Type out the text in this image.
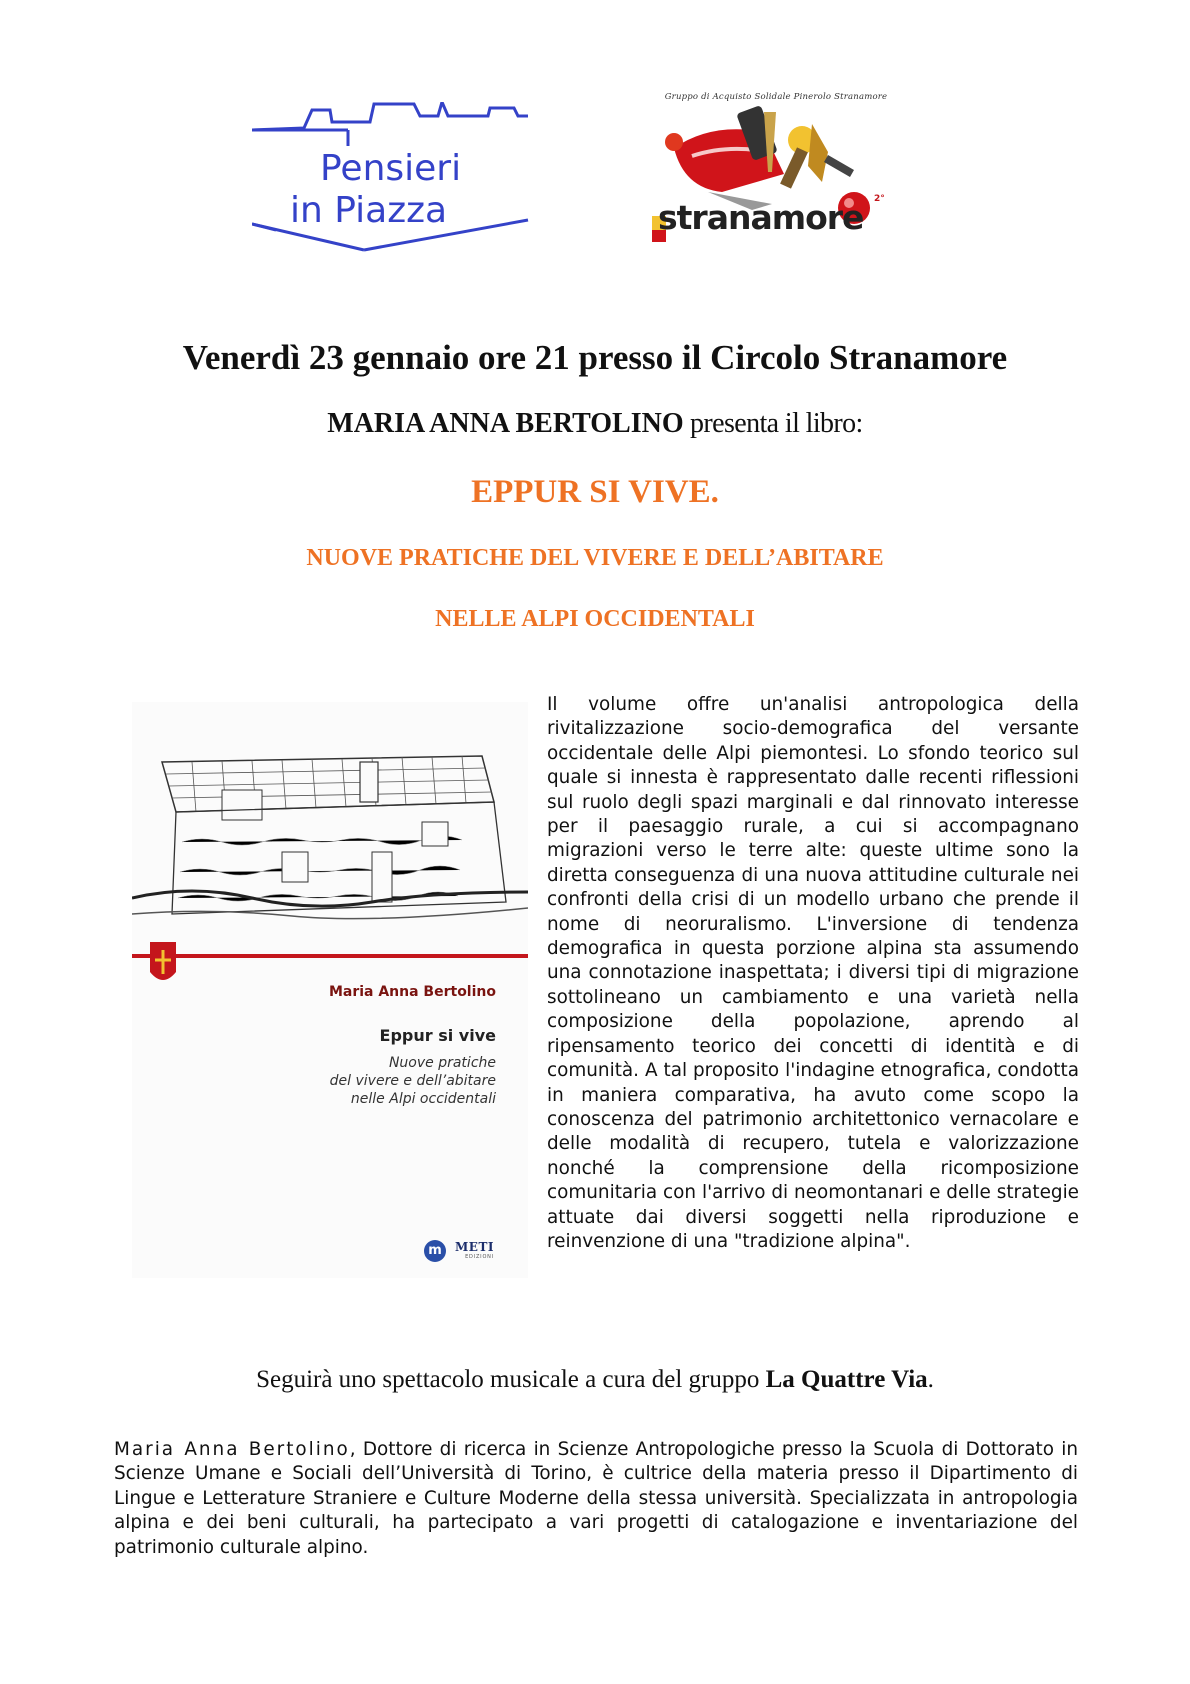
Pensieri
in Piazza
Gruppo di Acquisto Solidale Pinerolo Stranamore
stranamore 2°
Venerdì 23 gennaio ore 21 presso il Circolo Stranamore
MARIA ANNA BERTOLINO presenta il libro:
EPPUR SI VIVE.
NUOVE PRATICHE DEL VIVERE E DELL’ABITARE
NELLE ALPI OCCIDENTALI
Maria Anna Bertolino
Eppur si vive
Nuove pratiche
del vivere e dell’abitare
nelle Alpi occidentali
m	METI
EDIZIONI
Il volume offre un'analisi antropologica della rivitalizzazione socio-demografica del versante occidentale delle Alpi piemontesi. Lo sfondo teorico sul quale si innesta è rappresentato dalle recenti riflessioni sul ruolo degli spazi marginali e dal rinnovato interesse per il paesaggio rurale, a cui si accompagnano migrazioni verso le terre alte: queste ultime sono la diretta conseguenza di una nuova attitudine culturale nei confronti della crisi di un modello urbano che prende il nome di neoruralismo. L'inversione di tendenza demografica in questa porzione alpina sta assumendo una connotazione inaspettata; i diversi tipi di migrazione sottolineano un cambiamento e una varietà nella composizione della popolazione, aprendo al ripensamento teorico dei concetti di identità e di comunità. A tal proposito l'indagine etnografica, condotta in maniera comparativa, ha avuto come scopo la conoscenza del patrimonio architettonico vernacolare e delle modalità di recupero, tutela e valorizzazione nonché la comprensione della ricomposizione comunitaria con l'arrivo di neomontanari e delle strategie attuate dai diversi soggetti nella riproduzione e reinvenzione di una "tradizione alpina".
Seguirà uno spettacolo musicale a cura del gruppo La Quattre Via.
Maria Anna Bertolino, Dottore di ricerca in Scienze Antropologiche presso la Scuola di Dottorato in Scienze Umane e Sociali dell’Università di Torino, è cultrice della materia presso il Dipartimento di Lingue e Letterature Straniere e Culture Moderne della stessa università. Specializzata in antropologia alpina e dei beni culturali, ha partecipato a vari progetti di catalogazione e inventariazione del patrimonio culturale alpino.
